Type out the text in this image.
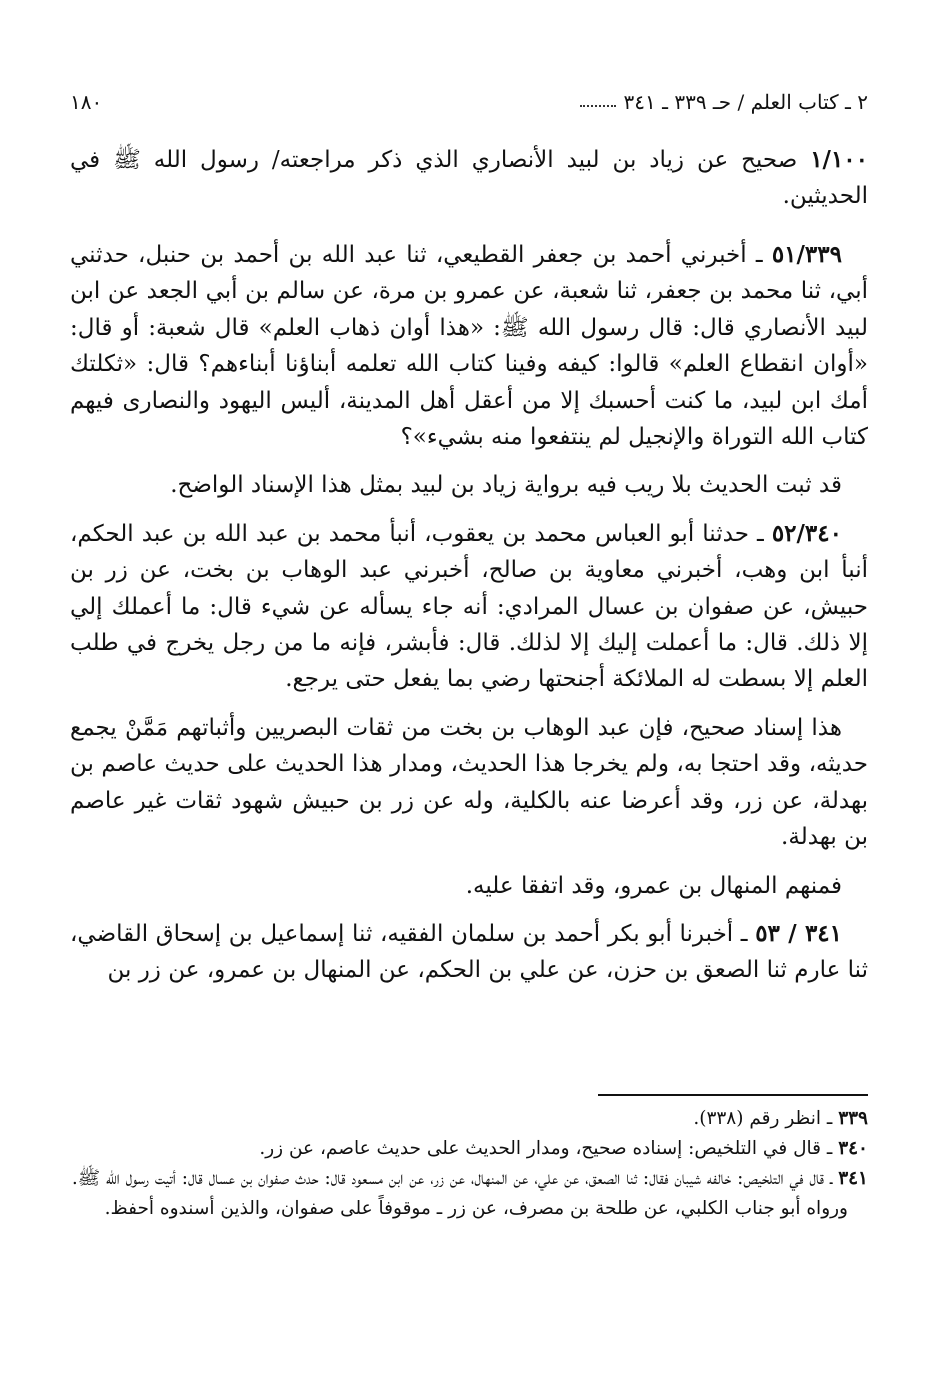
٢ ـ كتاب العلم / حـ ٣٣٩ ـ ٣٤١
١٨٠

١/١٠٠ صحيح عن زياد بن لبيد الأنصاري الذي ذكر مراجعته/ رسول الله ﷺ في الحديثين.

٥١/٣٣٩ ـ أخبرني أحمد بن جعفر القطيعي، ثنا عبد الله بن أحمد بن حنبل، حدثني أبي، ثنا محمد بن جعفر، ثنا شعبة، عن عمرو بن مرة، عن سالم بن أبي الجعد عن ابن لبيد الأنصاري قال: قال رسول الله ﷺ: «هذا أوان ذهاب العلم» قال شعبة: أو قال: «أوان انقطاع العلم» قالوا: كيفه وفينا كتاب الله تعلمه أبناؤنا أبناءهم؟ قال: «ثكلتك أمك ابن لبيد، ما كنت أحسبك إلا من أعقل أهل المدينة، أليس اليهود والنصارى فيهم كتاب الله التوراة والإنجيل لم ينتفعوا منه بشيء»؟

قد ثبت الحديث بلا ريب فيه برواية زياد بن لبيد بمثل هذا الإسناد الواضح.

٥٢/٣٤٠ ـ حدثنا أبو العباس محمد بن يعقوب، أنبأ محمد بن عبد الله بن عبد الحكم، أنبأ ابن وهب، أخبرني معاوية بن صالح، أخبرني عبد الوهاب بن بخت، عن زر بن حبيش، عن صفوان بن عسال المرادي: أنه جاء يسأله عن شيء قال: ما أعملك إلي إلا ذلك. قال: ما أعملت إليك إلا لذلك. قال: فأبشر، فإنه ما من رجل يخرج في طلب العلم إلا بسطت له الملائكة أجنحتها رضي بما يفعل حتى يرجع.

هذا إسناد صحيح، فإن عبد الوهاب بن بخت من ثقات البصريين وأثباتهم مَمَّنْ يجمع حديثه، وقد احتجا به، ولم يخرجا هذا الحديث، ومدار هذا الحديث على حديث عاصم بن بهدلة، عن زر، وقد أعرضا عنه بالكلية، وله عن زر بن حبيش شهود ثقات غير عاصم بن بهدلة.

فمنهم المنهال بن عمرو، وقد اتفقا عليه.

٣٤١ / ٥٣ ـ أخبرنا أبو بكر أحمد بن سلمان الفقيه، ثنا إسماعيل بن إسحاق القاضي، ثنا عارم ثنا الصعق بن حزن، عن علي بن الحكم، عن المنهال بن عمرو، عن زر بن

٣٣٩ ـ انظر رقم (٣٣٨).

٣٤٠ ـ قال في التلخيص: إسناده صحيح، ومدار الحديث على حديث عاصم، عن زر.

٣٤١ ـ قال في التلخيص: خالفه شيبان فقال: ثنا الصعق، عن علي، عن المنهال، عن زر، عن ابن مسعود قال: حدث صفوان بن عسال قال: أتيت رسول الله ﷺ.

ورواه أبو جناب الكلبي، عن طلحة بن مصرف، عن زر ـ موقوفاً على صفوان، والذين أسندوه أحفظ.
